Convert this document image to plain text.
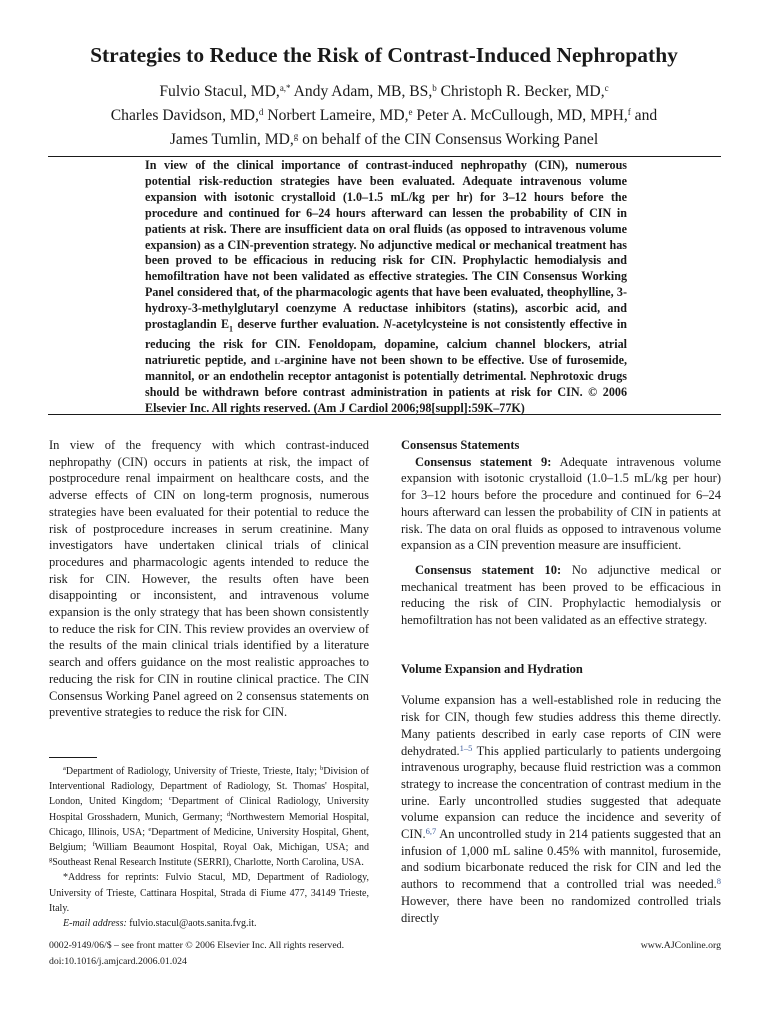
Strategies to Reduce the Risk of Contrast-Induced Nephropathy
Fulvio Stacul, MD,$^{a,*}$ Andy Adam, MB, BS,$^b$ Christoph R. Becker, MD,$^c$
Charles Davidson, MD,$^d$ Norbert Lameire, MD,$^e$ Peter A. McCullough, MD, MPH,$^f$ and
James Tumlin, MD,$^g$ on behalf of the CIN Consensus Working Panel
In view of the clinical importance of contrast-induced nephropathy (CIN), numerous potential risk-reduction strategies have been evaluated. Adequate intravenous volume expansion with isotonic crystalloid (1.0–1.5 mL/kg per hr) for 3–12 hours before the procedure and continued for 6–24 hours afterward can lessen the probability of CIN in patients at risk. There are insufficient data on oral fluids (as opposed to intravenous volume expansion) as a CIN-prevention strategy. No adjunctive medical or mechanical treatment has been proved to be efficacious in reducing risk for CIN. Prophylactic hemodialysis and hemofiltration have not been validated as effective strategies. The CIN Consensus Working Panel considered that, of the pharmacologic agents that have been evaluated, theophylline, 3-hydroxy-3-methylglutaryl coenzyme A reductase inhibitors (statins), ascorbic acid, and prostaglandin $E_1$ deserve further evaluation. N-acetylcysteine is not consistently effective in reducing the risk for CIN. Fenoldopam, dopamine, calcium channel blockers, atrial natriuretic peptide, and l-arginine have not been shown to be effective. Use of furosemide, mannitol, or an endothelin receptor antagonist is potentially detrimental. Nephrotoxic drugs should be withdrawn before contrast administration in patients at risk for CIN. © 2006 Elsevier Inc. All rights reserved. (Am J Cardiol 2006;98[suppl]:59K–77K)
In view of the frequency with which contrast-induced nephropathy (CIN) occurs in patients at risk, the impact of postprocedure renal impairment on healthcare costs, and the adverse effects of CIN on long-term prognosis, numerous strategies have been evaluated for their potential to reduce the risk of postprocedure increases in serum creatinine. Many investigators have undertaken clinical trials of clinical procedures and pharmacologic agents intended to reduce the risk for CIN. However, the results often have been disappointing or inconsistent, and intravenous volume expansion is the only strategy that has been shown consistently to reduce the risk for CIN. This review provides an overview of the results of the main clinical trials identified by a literature search and offers guidance on the most realistic approaches to reducing the risk for CIN in routine clinical practice. The CIN Consensus Working Panel agreed on 2 consensus statements on preventive strategies to reduce the risk for CIN.

$^a$Department of Radiology, University of Trieste, Trieste, Italy; $^b$Division of Interventional Radiology, Department of Radiology, St. Thomas' Hospital, London, United Kingdom; $^c$Department of Clinical Radiology, University Hospital Grosshadern, Munich, Germany; $^d$Northwestern Memorial Hospital, Chicago, Illinois, USA; $^e$Department of Medicine, University Hospital, Ghent, Belgium; $^f$William Beaumont Hospital, Royal Oak, Michigan, USA; and $^g$Southeast Renal Research Institute (SERRI), Charlotte, North Carolina, USA.

*Address for reprints: Fulvio Stacul, MD, Department of Radiology, University of Trieste, Cattinara Hospital, Strada di Fiume 477, 34149 Trieste, Italy.

E-mail address: fulvio.stacul@aots.sanita.fvg.it.

Consensus Statements

Consensus statement 9: Adequate intravenous volume expansion with isotonic crystalloid (1.0–1.5 mL/kg per hour) for 3–12 hours before the procedure and continued for 6–24 hours afterward can lessen the probability of CIN in patients at risk. The data on oral fluids as opposed to intravenous volume expansion as a CIN prevention measure are insufficient.

Consensus statement 10: No adjunctive medical or mechanical treatment has been proved to be efficacious in reducing the risk of CIN. Prophylactic hemodialysis or hemofiltration has not been validated as an effective strategy.

Volume Expansion and Hydration

Volume expansion has a well-established role in reducing the risk for CIN, though few studies address this theme directly. Many patients described in early case reports of CIN were dehydrated.$^{1-5}$ This applied particularly to patients undergoing intravenous urography, because fluid restriction was a common strategy to increase the concentration of contrast medium in the urine. Early uncontrolled studies suggested that adequate volume expansion can reduce the incidence and severity of CIN.$^{6,7}$ An uncontrolled study in 214 patients suggested that an infusion of 1,000 mL saline 0.45% with mannitol, furosemide, and sodium bicarbonate reduced the risk for CIN and led the authors to recommend that a controlled trial was needed.$^8$ However, there have been no randomized controlled trials directly

0002-9149/06/$ – see front matter © 2006 Elsevier Inc. All rights reserved.
doi:10.1016/j.amjcard.2006.01.024
www.AJConline.org
